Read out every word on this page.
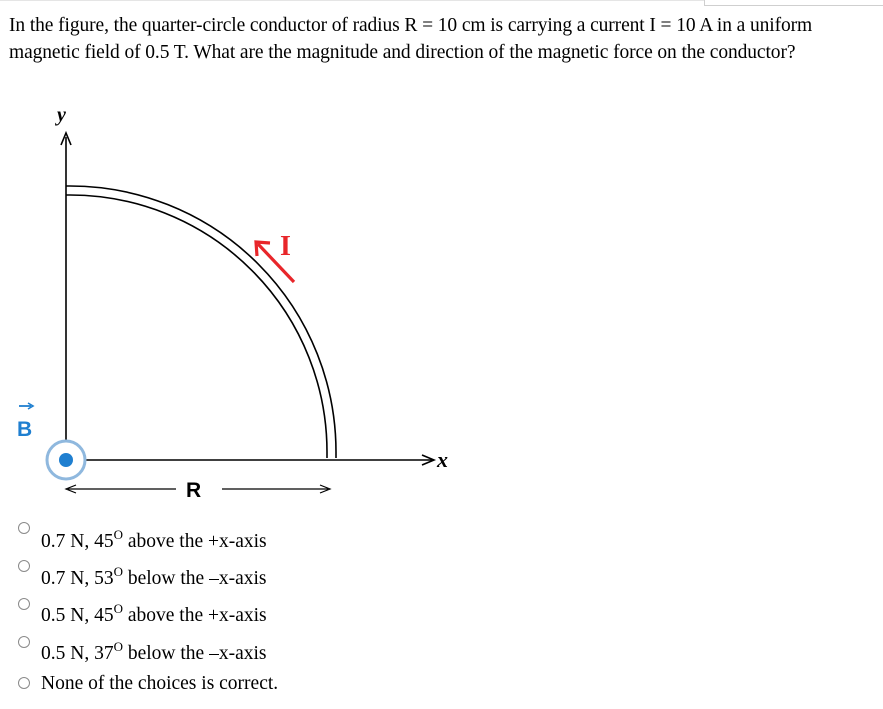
In the figure, the quarter-circle conductor of radius R = 10 cm is carrying a current I = 10 A in a uniform magnetic field of 0.5 T. What are the magnitude and direction of the magnetic force on the conductor?
y
x
I
B
R
0.7 N, $45^O$ above the +x-axis
0.7 N, $53^O$ below the –x-axis
0.5 N, $45^O$ above the +x-axis
0.5 N, $37^O$ below the –x-axis
None of the choices is correct.
